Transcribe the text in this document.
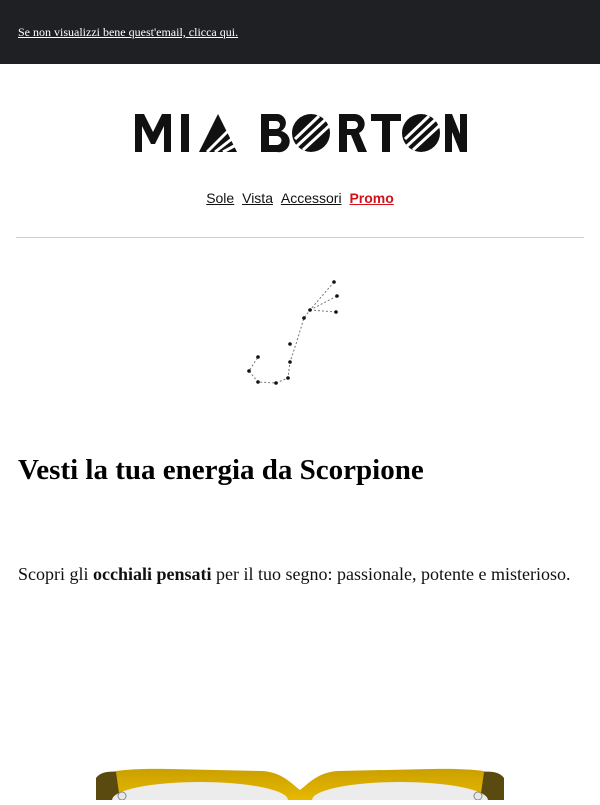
Se non visualizzi bene quest'email, clicca qui.
Sole Vista Accessori Promo
Vesti la tua energia da Scorpione

Scopri gli occhiali pensati per il tuo segno: passionale, potente e misterioso.
